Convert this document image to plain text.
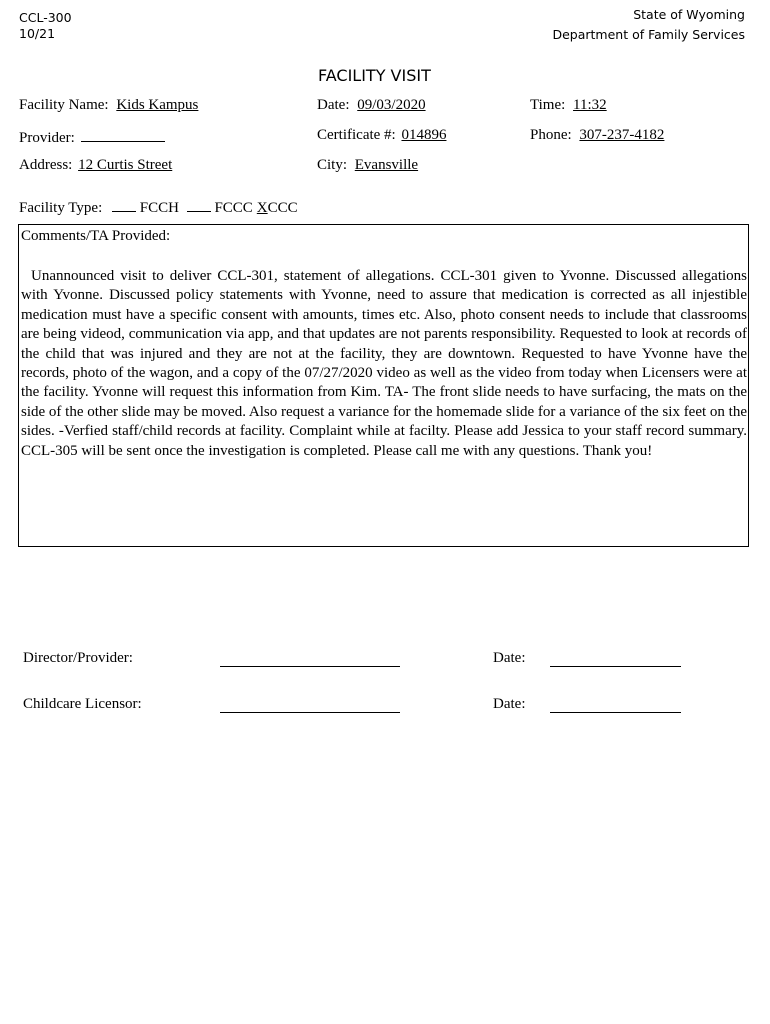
CCL-300
10/21
State of Wyoming
Department of Family Services
FACILITY VISIT
Facility Name: Kids Kampus	Date: 09/03/2020	Time: 11:32
Provider:	Certificate #: 014896	Phone: 307-237-4182
Address: 12 Curtis Street	City: Evansville
Facility Type:	FCCH FCCC XCCC
Comments/TA Provided:
Unannounced visit to deliver CCL-301, statement of allegations. CCL-301 given to Yvonne. Discussed allegations with Yvonne. Discussed policy statements with Yvonne, need to assure that medication is corrected as all injestible medication must have a specific consent with amounts, times etc. Also, photo consent needs to include that classrooms are being videod, communication via app, and that updates are not parents responsibility. Requested to look at records of the child that was injured and they are not at the facility, they are downtown. Requested to have Yvonne have the records, photo of the wagon, and a copy of the 07/27/2020 video as well as the video from today when Licensers were at the facility. Yvonne will request this information from Kim. TA- The front slide needs to have surfacing, the mats on the side of the other slide may be moved. Also request a variance for the homemade slide for a variance of the six feet on the sides. -Verfied staff/child records at facility. Complaint while at facilty. Please add Jessica to your staff record summary. CCL-305 will be sent once the investigation is completed. Please call me with any questions. Thank you!
Director/Provider:	Date:
Childcare Licensor:	Date:
